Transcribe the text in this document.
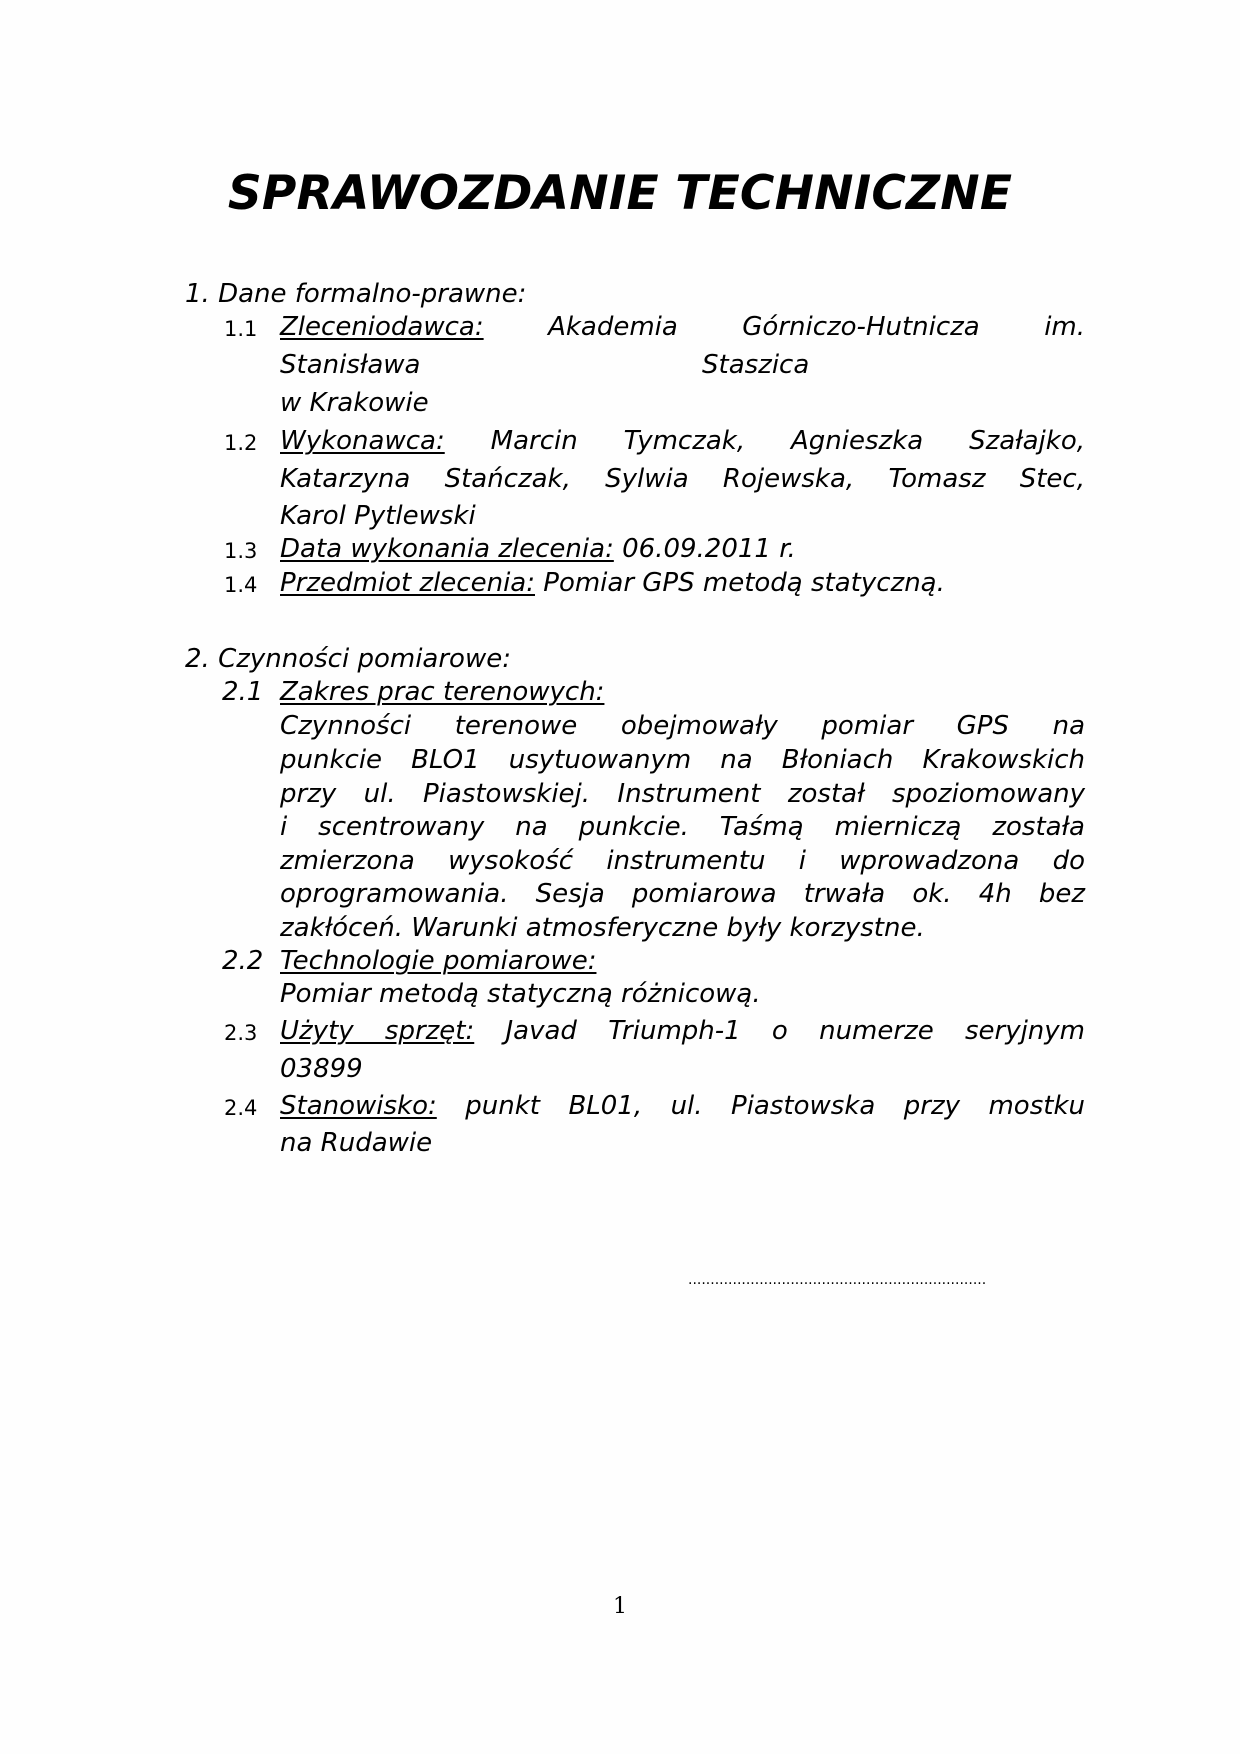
SPRAWOZDANIE TECHNICZNE
1. Dane formalno-prawne:
1.1 Zleceniodawca: Akademia Górniczo-Hutnicza im.
Stanisława	Staszica
w Krakowie
1.2 Wykonawca: Marcin Tymczak, Agnieszka Szałajko,
Katarzyna Stańczak, Sylwia Rojewska, Tomasz Stec,
Karol Pytlewski
1.3 Data wykonania zlecenia: 06.09.2011 r.
1.4 Przedmiot zlecenia: Pomiar GPS metodą statyczną.
2. Czynności pomiarowe:
2.1 Zakres prac terenowych:
Czynności terenowe obejmowały pomiar GPS na
punkcie BLO1 usytuowanym na Błoniach Krakowskich
przy ul. Piastowskiej. Instrument został spoziomowany
i scentrowany na punkcie. Taśmą mierniczą została
zmierzona wysokość instrumentu i wprowadzona do
oprogramowania. Sesja pomiarowa trwała ok. 4h bez
zakłóceń. Warunki atmosferyczne były korzystne.
2.2 Technologie pomiarowe:
Pomiar metodą statyczną różnicową.
2.3 Użyty sprzęt: Javad Triumph-1 o numerze seryjnym
03899
2.4 Stanowisko: punkt BL01, ul. Piastowska przy mostku
na Rudawie
...................................................................
1
